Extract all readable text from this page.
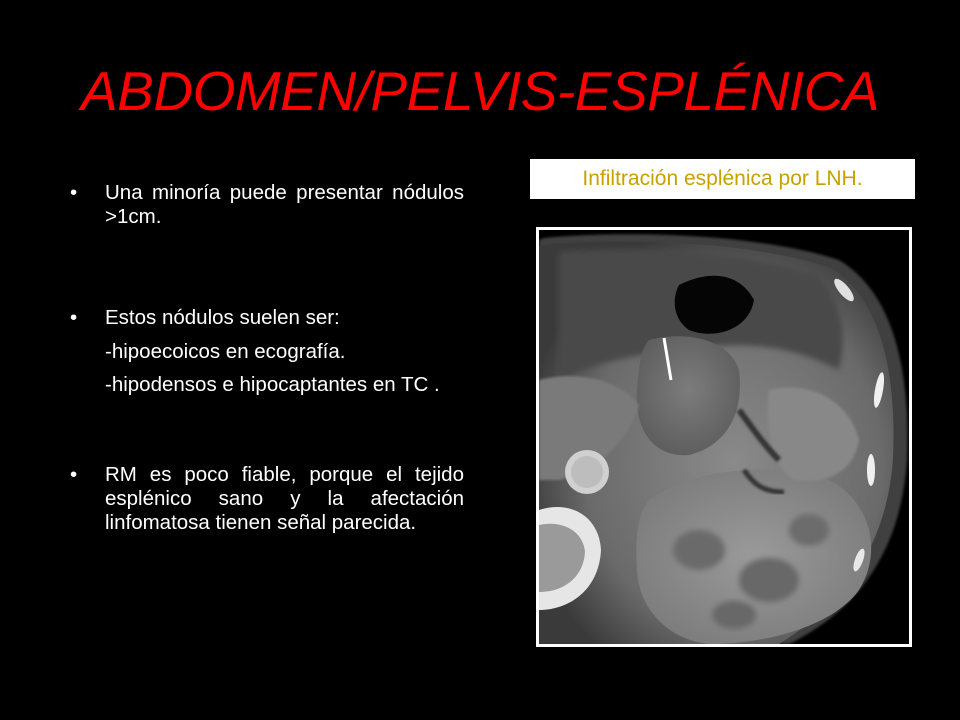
ABDOMEN/PELVIS-ESPLÉNICA
• Una minoría puede presentar nódulos >1cm.
• Estos nódulos suelen ser:
-hipoecoicos en ecografía.
-hipodensos e hipocaptantes en TC .
• RM es poco fiable, porque el tejido esplénico sano y la afectación linfomatosa tienen señal parecida.
Infiltración esplénica por LNH.
